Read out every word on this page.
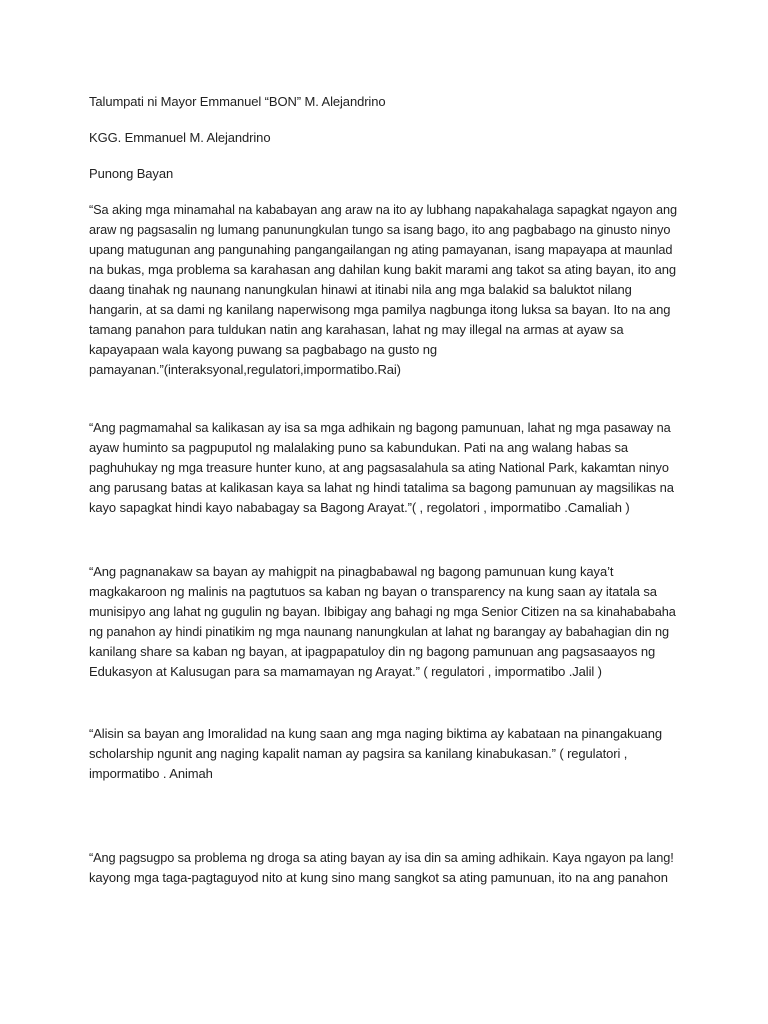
Talumpati ni Mayor Emmanuel “BON” M. Alejandrino

KGG. Emmanuel M. Alejandrino

Punong Bayan

“Sa aking mga minamahal na kababayan ang araw na ito ay lubhang napakahalaga sapagkat ngayon ang

araw ng pagsasalin ng lumang panunungkulan tungo sa isang bago, ito ang pagbabago na ginusto ninyo

upang matugunan ang pangunahing pangangailangan ng ating pamayanan, isang mapayapa at maunlad

na bukas, mga problema sa karahasan ang dahilan kung bakit marami ang takot sa ating bayan, ito ang

daang tinahak ng naunang nanungkulan hinawi at itinabi nila ang mga balakid sa baluktot nilang

hangarin, at sa dami ng kanilang naperwisong mga pamilya nagbunga itong luksa sa bayan. Ito na ang

tamang panahon para tuldukan natin ang karahasan, lahat ng may illegal na armas at ayaw sa

kapayapaan wala kayong puwang sa pagbabago na gusto ng

pamayanan.”(interaksyonal,regulatori,impormatibo.Rai)

“Ang pagmamahal sa kalikasan ay isa sa mga adhikain ng bagong pamunuan, lahat ng mga pasaway na

ayaw huminto sa pagpuputol ng malalaking puno sa kabundukan. Pati na ang walang habas sa

paghuhukay ng mga treasure hunter kuno, at ang pagsasalahula sa ating National Park, kakamtan ninyo

ang parusang batas at kalikasan kaya sa lahat ng hindi tatalima sa bagong pamunuan ay magsilikas na

kayo sapagkat hindi kayo nababagay sa Bagong Arayat.”( , regolatori , impormatibo .Camaliah )

“Ang pagnanakaw sa bayan ay mahigpit na pinagbabawal ng bagong pamunuan kung kaya’t

magkakaroon ng malinis na pagtutuos sa kaban ng bayan o transparency na kung saan ay itatala sa

munisipyo ang lahat ng gugulin ng bayan. Ibibigay ang bahagi ng mga Senior Citizen na sa kinahababaha

ng panahon ay hindi pinatikim ng mga naunang nanungkulan at lahat ng barangay ay babahagian din ng

kanilang share sa kaban ng bayan, at ipagpapatuloy din ng bagong pamunuan ang pagsasaayos ng

Edukasyon at Kalusugan para sa mamamayan ng Arayat.” ( regulatori , impormatibo .Jalil )

“Alisin sa bayan ang Imoralidad na kung saan ang mga naging biktima ay kabataan na pinangakuang

scholarship ngunit ang naging kapalit naman ay pagsira sa kanilang kinabukasan.” ( regulatori ,

impormatibo . Animah

“Ang pagsugpo sa problema ng droga sa ating bayan ay isa din sa aming adhikain. Kaya ngayon pa lang!

kayong mga taga-pagtaguyod nito at kung sino mang sangkot sa ating pamunuan, ito na ang panahon
